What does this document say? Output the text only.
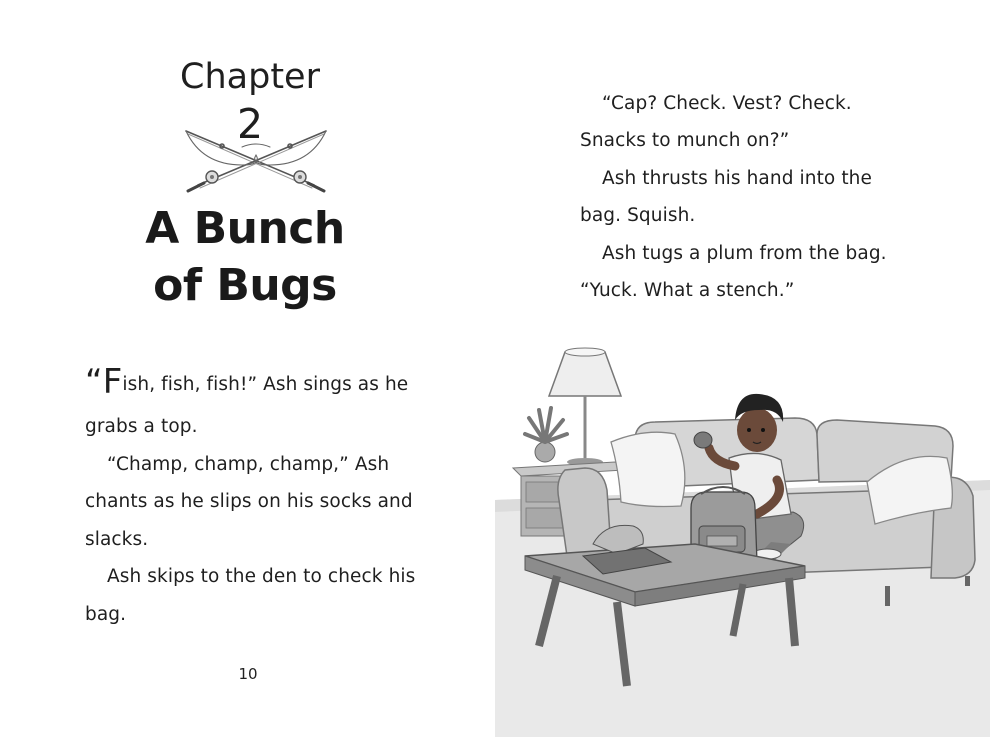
Chapter
2
A Bunch
of Bugs
“Fish, fish, fish!” Ash sings as he
grabs a top.
“Champ, champ, champ,” Ash
chants as he slips on his socks and
slacks.
Ash skips to the den to check his
bag.
10
“Cap? Check. Vest? Check.
Snacks to munch on?”
Ash thrusts his hand into the
bag. Squish.
Ash tugs a plum from the bag.
“Yuck. What a stench.”
